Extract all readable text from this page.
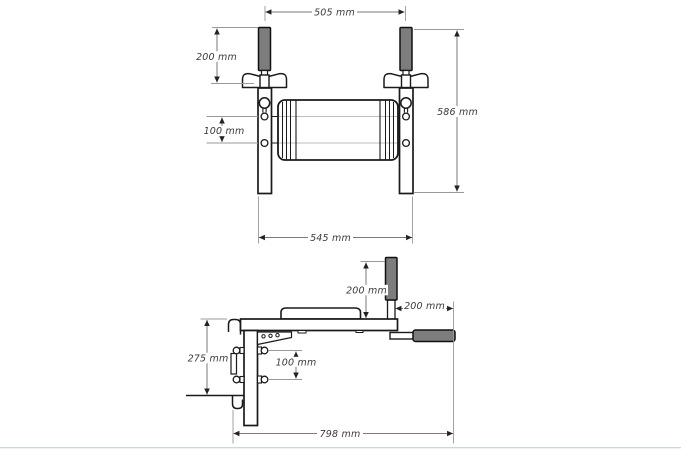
505 mm
200 mm
100 mm
586 mm
545 mm
200 mm
200 mm
275 mm	100 mm
798 mm
